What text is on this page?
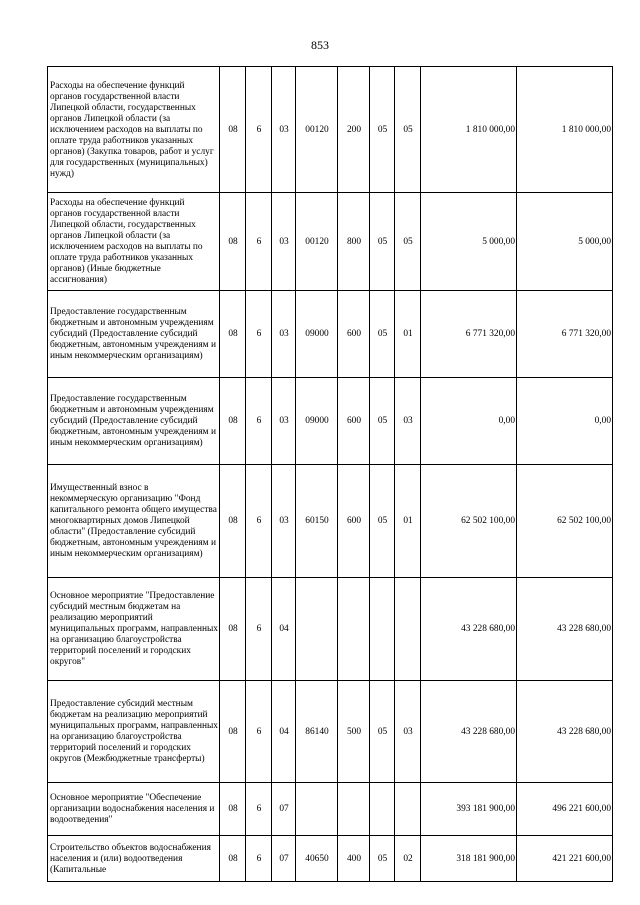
853
Расходы на обеспечение функций органов государственной власти Липецкой области, государственных органов Липецкой области (за исключением расходов на выплаты по оплате труда работников указанных органов) (Закупка товаров, работ и услуг для государственных (муниципальных) нужд)	08	6	03	00120	200	05	05	1 810 000,00	1 810 000,00
Расходы на обеспечение функций органов государственной власти Липецкой области, государственных органов Липецкой области (за исключением расходов на выплаты по оплате труда работников указанных органов) (Иные бюджетные ассигнования)	08	6	03	00120	800	05	05	5 000,00	5 000,00
Предоставление государственным бюджетным и автономным учреждениям субсидий (Предоставление субсидий бюджетным, автономным учреждениям и иным некоммерческим организациям)	08	6	03	09000	600	05	01	6 771 320,00	6 771 320,00
Предоставление государственным бюджетным и автономным учреждениям субсидий (Предоставление субсидий бюджетным, автономным учреждениям и иным некоммерческим организациям)	08	6	03	09000	600	05	03	0,00	0,00
Имущественный взнос в некоммерческую организацию "Фонд капитального ремонта общего имущества многоквартирных домов Липецкой области" (Предоставление субсидий бюджетным, автономным учреждениям и иным некоммерческим организациям)	08	6	03	60150	600	05	01	62 502 100,00	62 502 100,00
Основное мероприятие "Предоставление субсидий местным бюджетам на реализацию мероприятий муниципальных программ, направленных на организацию благоустройства территорий поселений и городских округов"	08	6	04					43 228 680,00	43 228 680,00
Предоставление субсидий местным бюджетам на реализацию мероприятий муниципальных программ, направленных на организацию благоустройства территорий поселений и городских округов (Межбюджетные трансферты)	08	6	04	86140	500	05	03	43 228 680,00	43 228 680,00
Основное мероприятие "Обеспечение организации водоснабжения населения и водоотведения"	08	6	07					393 181 900,00	496 221 600,00
Строительство объектов водоснабжения населения и (или) водоотведения (Капитальные	08	6	07	40650	400	05	02	318 181 900,00	421 221 600,00
